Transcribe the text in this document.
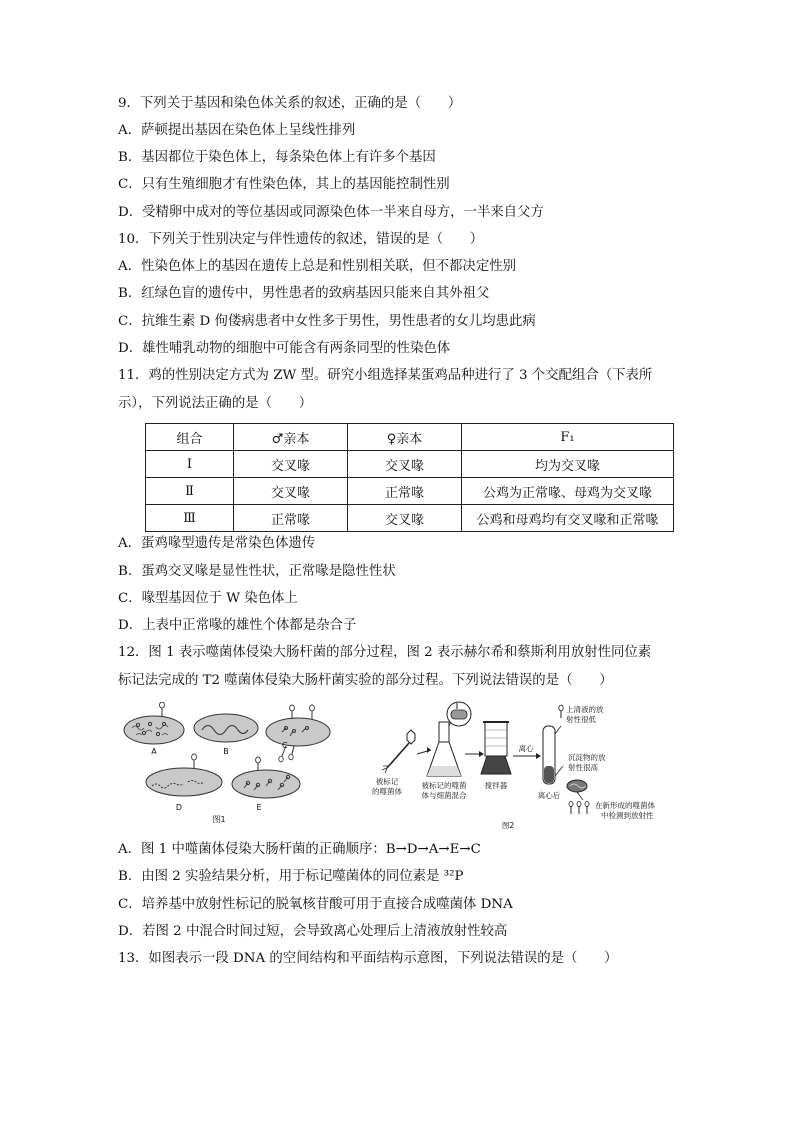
9．下列关于基因和染色体关系的叙述，正确的是（　　）
A．萨顿提出基因在染色体上呈线性排列
B．基因都位于染色体上，每条染色体上有许多个基因
C．只有生殖细胞才有性染色体，其上的基因能控制性别
D．受精卵中成对的等位基因或同源染色体一半来自母方，一半来自父方
10．下列关于性别决定与伴性遗传的叙述，错误的是（　　）
A．性染色体上的基因在遗传上总是和性别相关联，但不都决定性别
B．红绿色盲的遗传中，男性患者的致病基因只能来自其外祖父
C．抗维生素 D 佝偻病患者中女性多于男性，男性患者的女儿均患此病
D．雄性哺乳动物的细胞中可能含有两条同型的性染色体
11．鸡的性别决定方式为 ZW 型。研究小组选择某蛋鸡品种进行了 3 个交配组合（下表所
示），下列说法正确的是（　　）
组合	♂亲本	♀亲本	F₁
Ⅰ	交叉喙	交叉喙	均为交叉喙
Ⅱ	交叉喙	正常喙	公鸡为正常喙、母鸡为交叉喙
Ⅲ	正常喙	交叉喙	公鸡和母鸡均有交叉喙和正常喙
A．蛋鸡喙型遗传是常染色体遗传
B．蛋鸡交叉喙是显性性状，正常喙是隐性性状
C．喙型基因位于 W 染色体上
D．上表中正常喙的雄性个体都是杂合子
12．图 1 表示噬菌体侵染大肠杆菌的部分过程，图 2 表示赫尔希和蔡斯利用放射性同位素
标记法完成的 T2 噬菌体侵染大肠杆菌实验的部分过程。下列说法错误的是（　　）
A	B
C
D	E
图1
被标记
的噬菌体
被标记的噬菌
体与细菌混合
搅拌器
离心
离心后
上清液的放
射性很低
沉淀物的放
射性很高
在新形成的噬菌体
中检测到放射性
图2
A．图 1 中噬菌体侵染大肠杆菌的正确顺序：B→D→A→E→C
B．由图 2 实验结果分析，用于标记噬菌体的同位素是 ³²P
C．培养基中放射性标记的脱氧核苷酸可用于直接合成噬菌体 DNA
D．若图 2 中混合时间过短，会导致离心处理后上清液放射性较高
13．如图表示一段 DNA 的空间结构和平面结构示意图，下列说法错误的是（　　）
